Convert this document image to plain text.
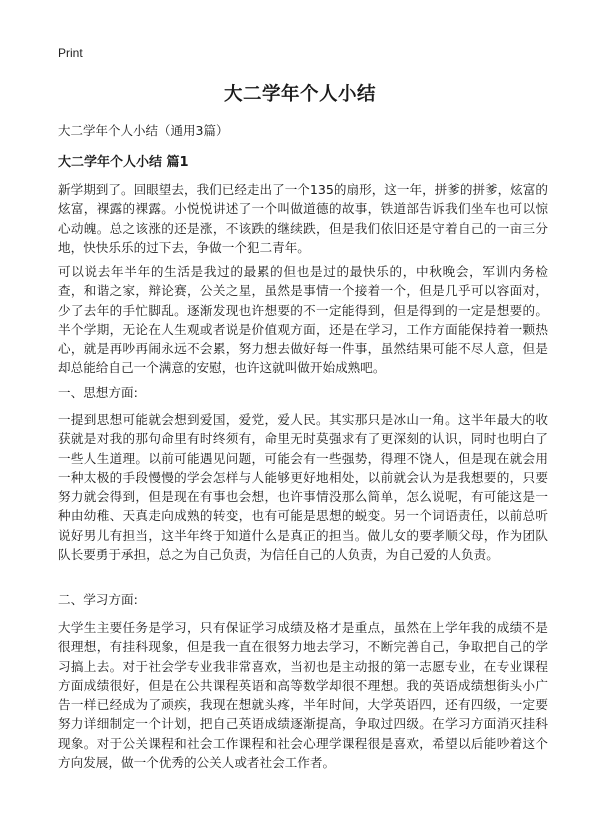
Print
大二学年个人小结

大二学年个人小结（通用3篇）

大二学年个人小结 篇1

新学期到了。回眼望去，我们已经走出了一个135的扇形，这一年，拼爹的拼爹，炫富的炫富，裸露的裸露。小悦悦讲述了一个叫做道德的故事，铁道部告诉我们坐车也可以惊心动魄。总之该涨的还是涨，不该跌的继续跌，但是我们依旧还是守着自己的一亩三分地，快快乐乐的过下去，争做一个犯二青年。

可以说去年半年的生活是我过的最累的但也是过的最快乐的，中秋晚会，军训内务检查，和谐之家，辩论赛，公关之星，虽然是事情一个接着一个，但是几乎可以容面对，少了去年的手忙脚乱。逐渐发现也许想要的不一定能得到，但是得到的一定是想要的。半个学期，无论在人生观或者说是价值观方面，还是在学习，工作方面能保持着一颗热心，就是再吵再闹永远不会累，努力想去做好每一件事，虽然结果可能不尽人意，但是却总能给自己一个满意的安慰，也许这就叫做开始成熟吧。

一、思想方面:

一提到思想可能就会想到爱国，爱党，爱人民。其实那只是冰山一角。这半年最大的收获就是对我的那句命里有时终须有，命里无时莫强求有了更深刻的认识，同时也明白了一些人生道理。以前可能遇见问题，可能会有一些强势，得理不饶人，但是现在就会用一种太极的手段慢慢的学会怎样与人能够更好地相处，以前就会认为是我想要的，只要努力就会得到，但是现在有事也会想，也许事情没那么简单，怎么说呢，有可能这是一种由幼稚、天真走向成熟的转变，也有可能是思想的蜕变。另一个词语责任，以前总听说好男儿有担当，这半年终于知道什么是真正的担当。做儿女的要孝顺父母，作为团队队长要勇于承担，总之为自己负责，为信任自己的人负责，为自己爱的人负责。

二、学习方面:

大学生主要任务是学习，只有保证学习成绩及格才是重点，虽然在上学年我的成绩不是很理想，有挂科现象，但是我一直在很努力地去学习，不断完善自己，争取把自己的学习搞上去。对于社会学专业我非常喜欢，当初也是主动报的第一志愿专业，在专业课程方面成绩很好，但是在公共课程英语和高等数学却很不理想。我的英语成绩想街头小广告一样已经成为了顽疾，我现在想就头疼，半年时间，大学英语四，还有四级，一定要努力详细制定一个计划，把自己英语成绩逐渐提高，争取过四级。在学习方面消灭挂科现象。对于公关课程和社会工作课程和社会心理学课程很是喜欢，希望以后能吵着这个方向发展，做一个优秀的公关人或者社会工作者。
